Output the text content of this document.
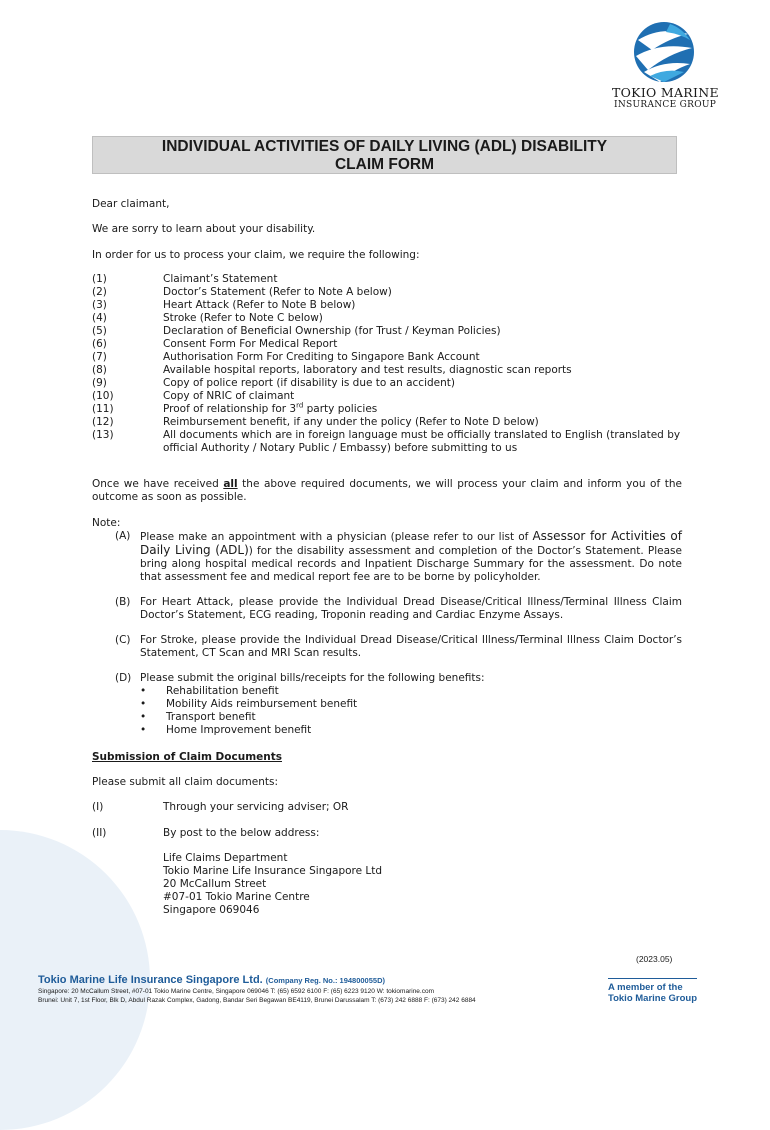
TOKIO MARINE
INSURANCE GROUP
INDIVIDUAL ACTIVITIES OF DAILY LIVING (ADL) DISABILITY
CLAIM FORM
Dear claimant,
We are sorry to learn about your disability.
In order for us to process your claim, we require the following:
(1)	Claimant’s Statement
(2)	Doctor’s Statement (Refer to Note A below)
(3)	Heart Attack (Refer to Note B below)
(4)	Stroke (Refer to Note C below)
(5)	Declaration of Beneficial Ownership (for Trust / Keyman Policies)
(6)	Consent Form For Medical Report
(7)	Authorisation Form For Crediting to Singapore Bank Account
(8)	Available hospital reports, laboratory and test results, diagnostic scan reports
(9)	Copy of police report (if disability is due to an accident)
(10)	Copy of NRIC of claimant
(11)	Proof of relationship for 3rd party policies
(12)	Reimbursement benefit, if any under the policy (Refer to Note D below)
(13)	All documents which are in foreign language must be officially translated to English (translated by official Authority / Notary Public / Embassy) before submitting to us
Once we have received all the above required documents, we will process your claim and inform you of the outcome as soon as possible.
Note:
(A) Please make an appointment with a physician (please refer to our list of Assessor for Activities of Daily Living (ADL)) for the disability assessment and completion of the Doctor’s Statement. Please bring along hospital medical records and Inpatient Discharge Summary for the assessment. Do note that assessment fee and medical report fee are to be borne by policyholder.
(B) For Heart Attack, please provide the Individual Dread Disease/Critical Illness/Terminal Illness Claim Doctor’s Statement, ECG reading, Troponin reading and Cardiac Enzyme Assays.
(C) For Stroke, please provide the Individual Dread Disease/Critical Illness/Terminal Illness Claim Doctor’s Statement, CT Scan and MRI Scan results.
(D) Please submit the original bills/receipts for the following benefits:
• Rehabilitation benefit
• Mobility Aids reimbursement benefit
• Transport benefit
• Home Improvement benefit
Submission of Claim Documents
Please submit all claim documents:
(I)	Through your servicing adviser; OR
(II)	By post to the below address:
Life Claims Department
Tokio Marine Life Insurance Singapore Ltd
20 McCallum Street
#07-01 Tokio Marine Centre
Singapore 069046
(2023.05)
Tokio Marine Life Insurance Singapore Ltd. (Company Reg. No.: 194800055D)
Singapore: 20 McCallum Street, #07-01 Tokio Marine Centre, Singapore 069046 T: (65) 6592 6100 F: (65) 6223 9120 W: tokiomarine.com
Brunei: Unit 7, 1st Floor, Blk D, Abdul Razak Complex, Gadong, Bandar Seri Begawan BE4119, Brunei Darussalam T: (673) 242 6888 F: (673) 242 6884
A member of the
Tokio Marine Group
